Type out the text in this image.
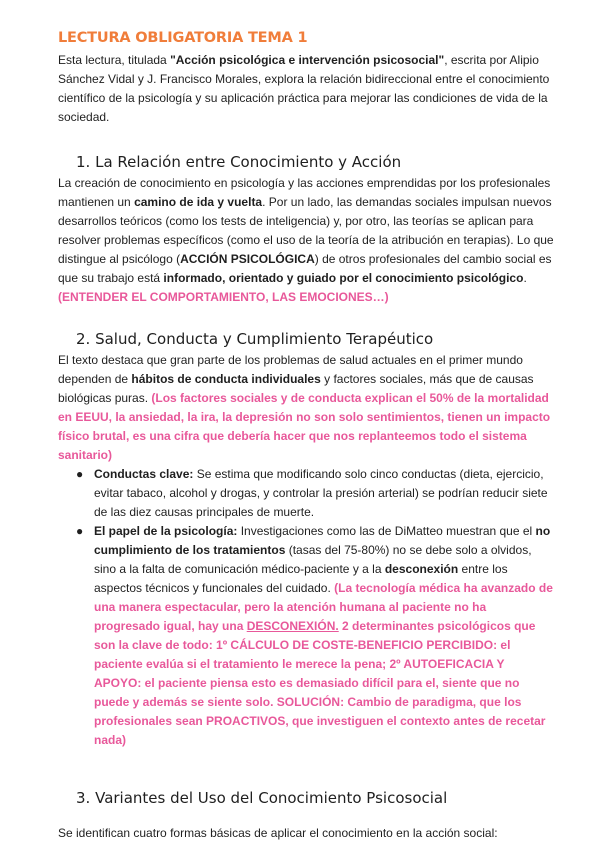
LECTURA OBLIGATORIA TEMA 1

Esta lectura, titulada "Acción psicológica e intervención psicosocial", escrita por Alipio Sánchez Vidal y J. Francisco Morales, explora la relación bidireccional entre el conocimiento científico de la psicología y su aplicación práctica para mejorar las condiciones de vida de la sociedad.

1. La Relación entre Conocimiento y Acción

La creación de conocimiento en psicología y las acciones emprendidas por los profesionales mantienen un camino de ida y vuelta. Por un lado, las demandas sociales impulsan nuevos desarrollos teóricos (como los tests de inteligencia) y, por otro, las teorías se aplican para resolver problemas específicos (como el uso de la teoría de la atribución en terapias). Lo que distingue al psicólogo (ACCIÓN PSICOLÓGICA) de otros profesionales del cambio social es que su trabajo está informado, orientado y guiado por el conocimiento psicológico.
(ENTENDER EL COMPORTAMIENTO, LAS EMOCIONES…)

2. Salud, Conducta y Cumplimiento Terapéutico

El texto destaca que gran parte de los problemas de salud actuales en el primer mundo dependen de hábitos de conducta individuales y factores sociales, más que de causas biológicas puras. (Los factores sociales y de conducta explican el 50% de la mortalidad en EEUU, la ansiedad, la ira, la depresión no son solo sentimientos, tienen un impacto físico brutal, es una cifra que debería hacer que nos replanteemos todo el sistema sanitario)

● Conductas clave: Se estima que modificando solo cinco conductas (dieta, ejercicio, evitar tabaco, alcohol y drogas, y controlar la presión arterial) se podrían reducir siete de las diez causas principales de muerte.
● El papel de la psicología: Investigaciones como las de DiMatteo muestran que el no cumplimiento de los tratamientos (tasas del 75-80%) no se debe solo a olvidos, sino a la falta de comunicación médico-paciente y a la desconexión entre los aspectos técnicos y funcionales del cuidado. (La tecnología médica ha avanzado de una manera espectacular, pero la atención humana al paciente no ha progresado igual, hay una DESCONEXIÓN. 2 determinantes psicológicos que son la clave de todo: 1º CÁLCULO DE COSTE-BENEFICIO PERCIBIDO: el paciente evalúa si el tratamiento le merece la pena; 2º AUTOEFICACIA Y APOYO: el paciente piensa esto es demasiado difícil para el, siente que no puede y además se siente solo. SOLUCIÓN: Cambio de paradigma, que los profesionales sean PROACTIVOS, que investiguen el contexto antes de recetar nada)
3. Variantes del Uso del Conocimiento Psicosocial

Se identifican cuatro formas básicas de aplicar el conocimiento en la acción social:
